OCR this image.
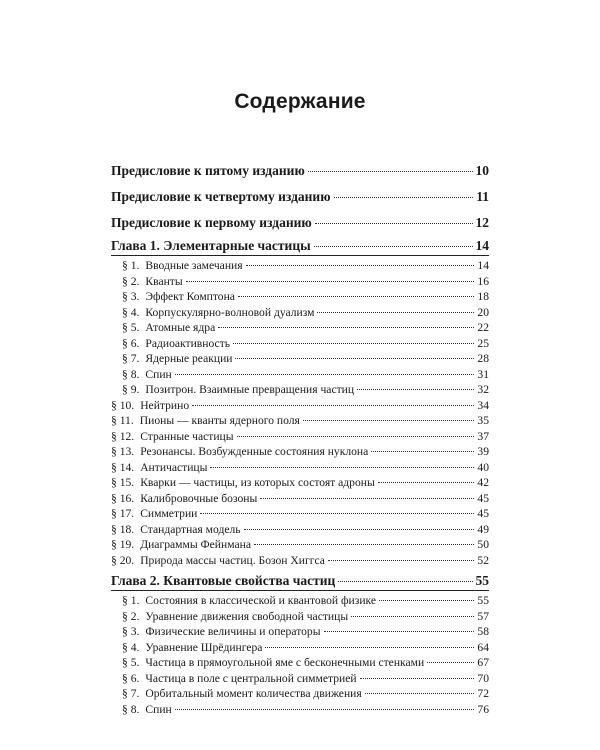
Содержание
Предисловие к пятому изданию	10
Предисловие к четвертому изданию	11
Предисловие к первому изданию	12
Глава 1. Элементарные частицы	14
§ 1. Вводные замечания	14
§ 2. Кванты	16
§ 3. Эффект Комптона	18
§ 4. Корпускулярно-волновой дуализм	20
§ 5. Атомные ядра	22
§ 6. Радиоактивность	25
§ 7. Ядерные реакции	28
§ 8. Спин	31
§ 9. Позитрон. Взаимные превращения частиц	32
§ 10. Нейтрино	34
§ 11. Пионы — кванты ядерного поля	35
§ 12. Странные частицы	37
§ 13. Резонансы. Возбужденные состояния нуклона	39
§ 14. Античастицы	40
§ 15. Кварки — частицы, из которых состоят адроны	42
§ 16. Калибровочные бозоны	45
§ 17. Симметрии	45
§ 18. Стандартная модель	49
§ 19. Диаграммы Фейнмана	50
§ 20. Природа массы частиц. Бозон Хиггса	52
Глава 2. Квантовые свойства частиц	55
§ 1. Состояния в классической и квантовой физике	55
§ 2. Уравнение движения свободной частицы	57
§ 3. Физические величины и операторы	58
§ 4. Уравнение Шрёдингера	64
§ 5. Частица в прямоугольной яме с бесконечными стенками	67
§ 6. Частица в поле с центральной симметрией	70
§ 7. Орбитальный момент количества движения	72
§ 8. Спин	76
